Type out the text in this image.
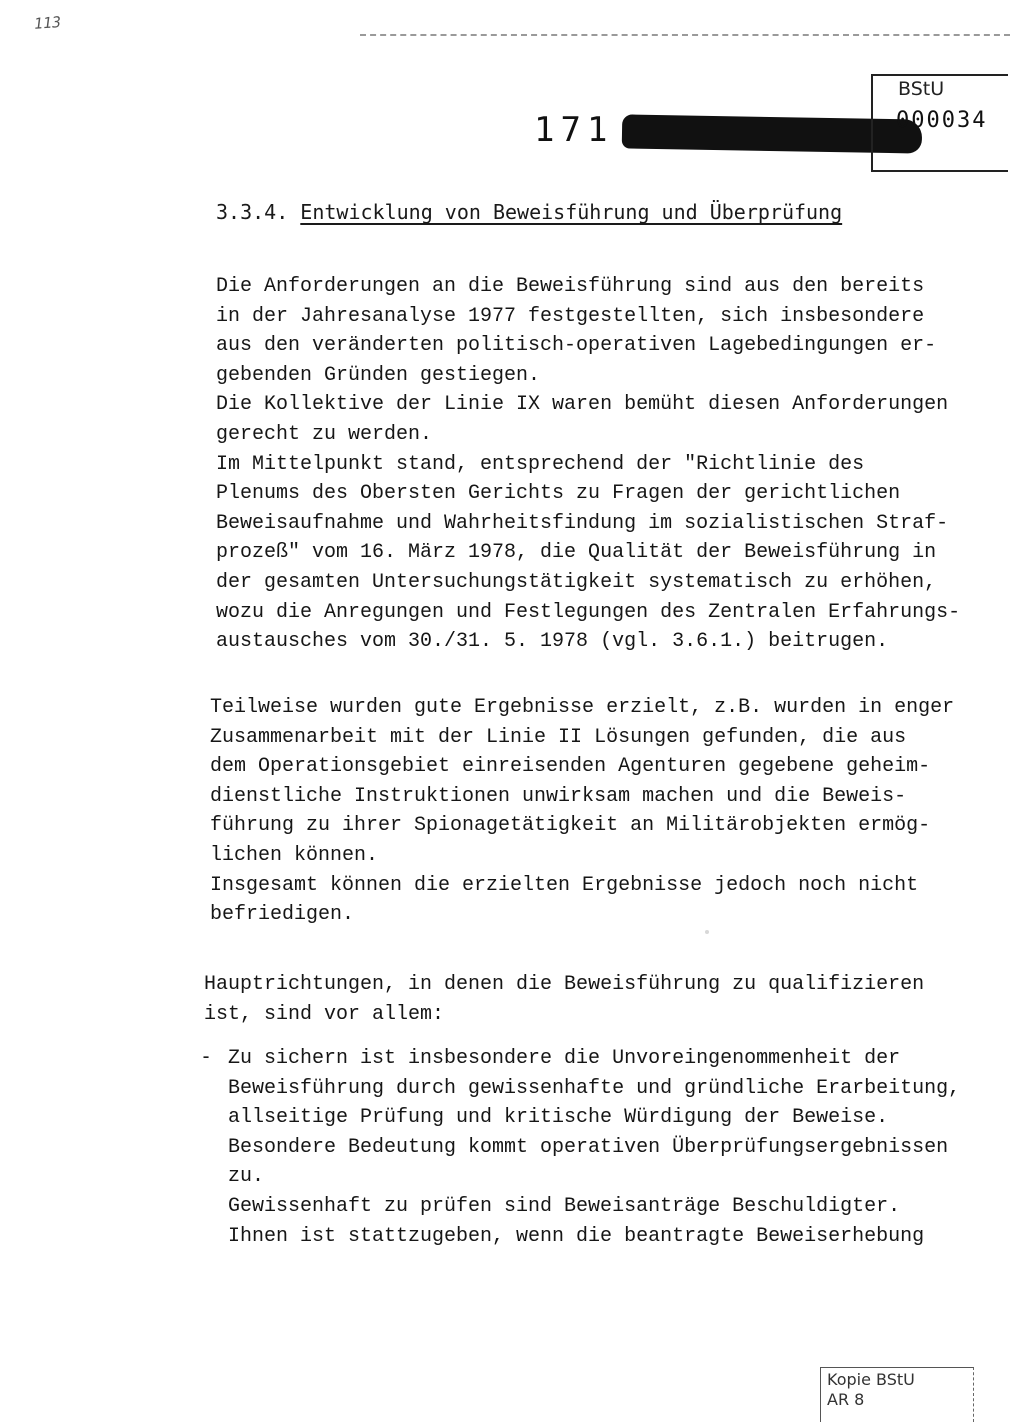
113
171
BStU
000034
3.3.4. Entwicklung von Beweisführung und Überprüfung
Die Anforderungen an die Beweisführung sind aus den bereits
in der Jahresanalyse 1977 festgestellten, sich insbesondere
aus den veränderten politisch-operativen Lagebedingungen er-
gebenden Gründen gestiegen.
Die Kollektive der Linie IX waren bemüht diesen Anforderungen
gerecht zu werden.
Im Mittelpunkt stand, entsprechend der "Richtlinie des
Plenums des Obersten Gerichts zu Fragen der gerichtlichen
Beweisaufnahme und Wahrheitsfindung im sozialistischen Straf-
prozeß" vom 16. März 1978, die Qualität der Beweisführung in
der gesamten Untersuchungstätigkeit systematisch zu erhöhen,
wozu die Anregungen und Festlegungen des Zentralen Erfahrungs-
austausches vom 30./31. 5. 1978 (vgl. 3.6.1.) beitrugen.
Teilweise wurden gute Ergebnisse erzielt, z.B. wurden in enger
Zusammenarbeit mit der Linie II Lösungen gefunden, die aus
dem Operationsgebiet einreisenden Agenturen gegebene geheim-
dienstliche Instruktionen unwirksam machen und die Beweis-
führung zu ihrer Spionagetätigkeit an Militärobjekten ermög-
lichen können.
Insgesamt können die erzielten Ergebnisse jedoch noch nicht
befriedigen.
Hauptrichtungen, in denen die Beweisführung zu qualifizieren
ist, sind vor allem:
- Zu sichern ist insbesondere die Unvoreingenommenheit der
Beweisführung durch gewissenhafte und gründliche Erarbeitung,
allseitige Prüfung und kritische Würdigung der Beweise.
Besondere Bedeutung kommt operativen Überprüfungsergebnissen
zu.
Gewissenhaft zu prüfen sind Beweisanträge Beschuldigter.
Ihnen ist stattzugeben, wenn die beantragte Beweiserhebung
Kopie BStU
AR 8
